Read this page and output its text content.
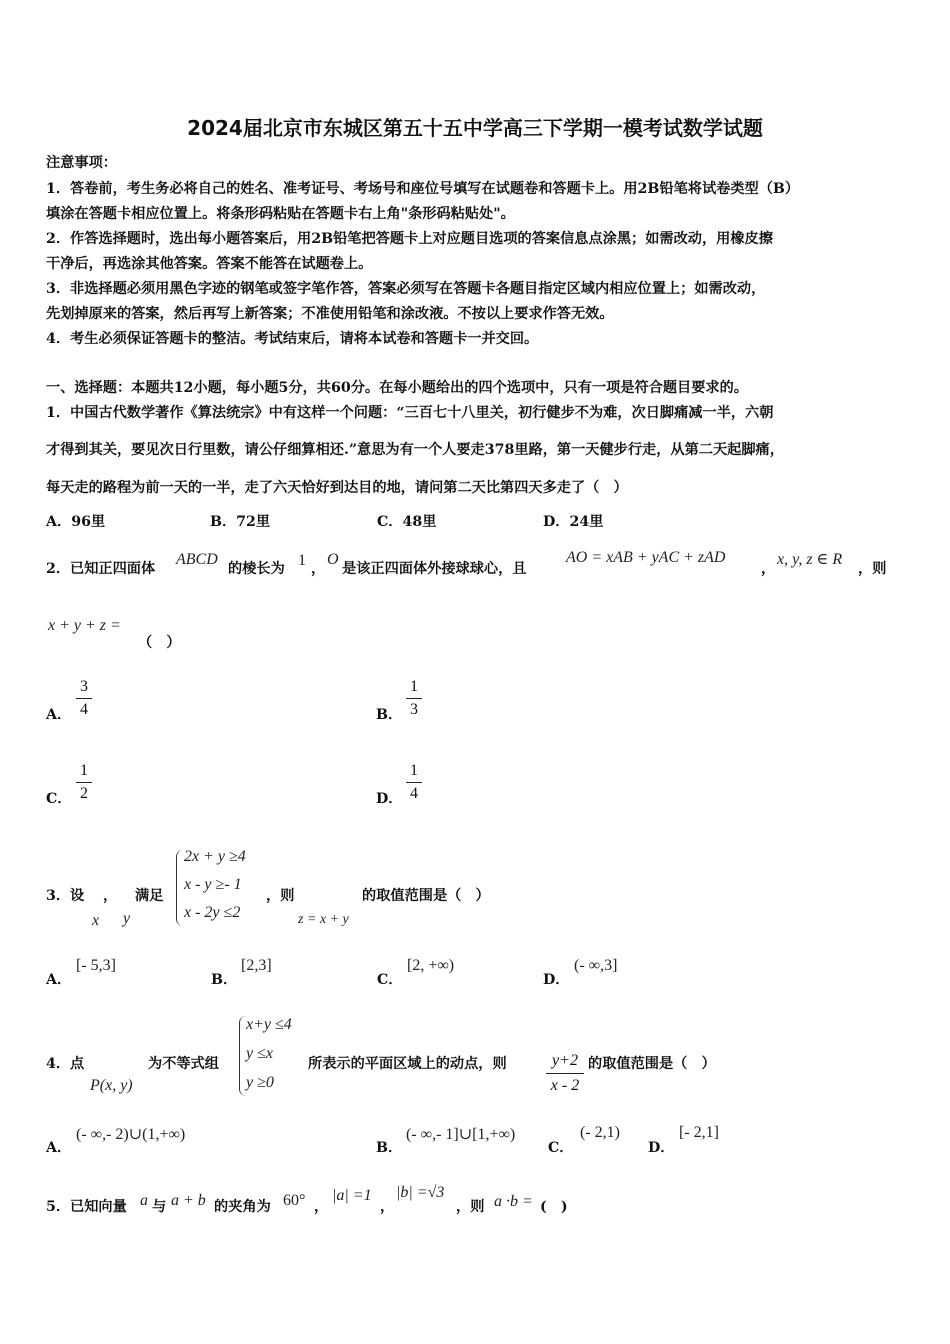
2024届北京市东城区第五十五中学高三下学期一模考试数学试题
注意事项：
1．答卷前，考生务必将自己的姓名、准考证号、考场号和座位号填写在试题卷和答题卡上。用2B铅笔将试卷类型（B）
填涂在答题卡相应位置上。将条形码粘贴在答题卡右上角"条形码粘贴处"。
2．作答选择题时，选出每小题答案后，用2B铅笔把答题卡上对应题目选项的答案信息点涂黑；如需改动，用橡皮擦
干净后，再选涂其他答案。答案不能答在试题卷上。
3．非选择题必须用黑色字迹的钢笔或签字笔作答，答案必须写在答题卡各题目指定区域内相应位置上；如需改动，
先划掉原来的答案，然后再写上新答案；不准使用铅笔和涂改液。不按以上要求作答无效。
4．考生必须保证答题卡的整洁。考试结束后，请将本试卷和答题卡一并交回。
一、选择题：本题共12小题，每小题5分，共60分。在每小题给出的四个选项中，只有一项是符合题目要求的。
1．中国古代数学著作《算法统宗》中有这样一个问题：“三百七十八里关，初行健步不为难，次日脚痛减一半，六朝
才得到其关，要见次日行里数，请公仔细算相还.”意思为有一个人要走378里路，第一天健步行走，从第二天起脚痛，
每天走的路程为前一天的一半，走了六天恰好到达目的地，请问第二天比第四天多走了（　）
A．96里	B．72里	C．48里	D．24里
2．已知正四面体
ABCD
的棱长为 1 ，
O
是该正四面体外接球球心，且
AO = xAB + yAC + zAD
，
x, y, z ∈ R
，则
x + y + z =
（　）
A．
3
4	B．
1
3
C．
1
2	D．
1
4
3．设
x
，
y
满足
2x + y ≥4
x - y ≥- 1
x - 2y ≤2
，则
z = x + y
的取值范围是（　）
A．
[- 5,3]
B．
[2,3]
C．
[2, +∞)
D．
(- ∞,3]
4．点
P(x, y)
为不等式组
x+y ≤4
y ≤x
y ≥0
所表示的平面区域上的动点，则	y+2
x - 2
的取值范围是（　）
A．
(- ∞,- 2)∪(1,+∞)
B．
(- ∞,- 1]∪[1,+∞)
C．
(- 2,1)
D．
[- 2,1]
5．已知向量 a 与 a + b 的夹角为 60° ，
|a| =1
，
|b| =√3
，则 a ·b = (　)
